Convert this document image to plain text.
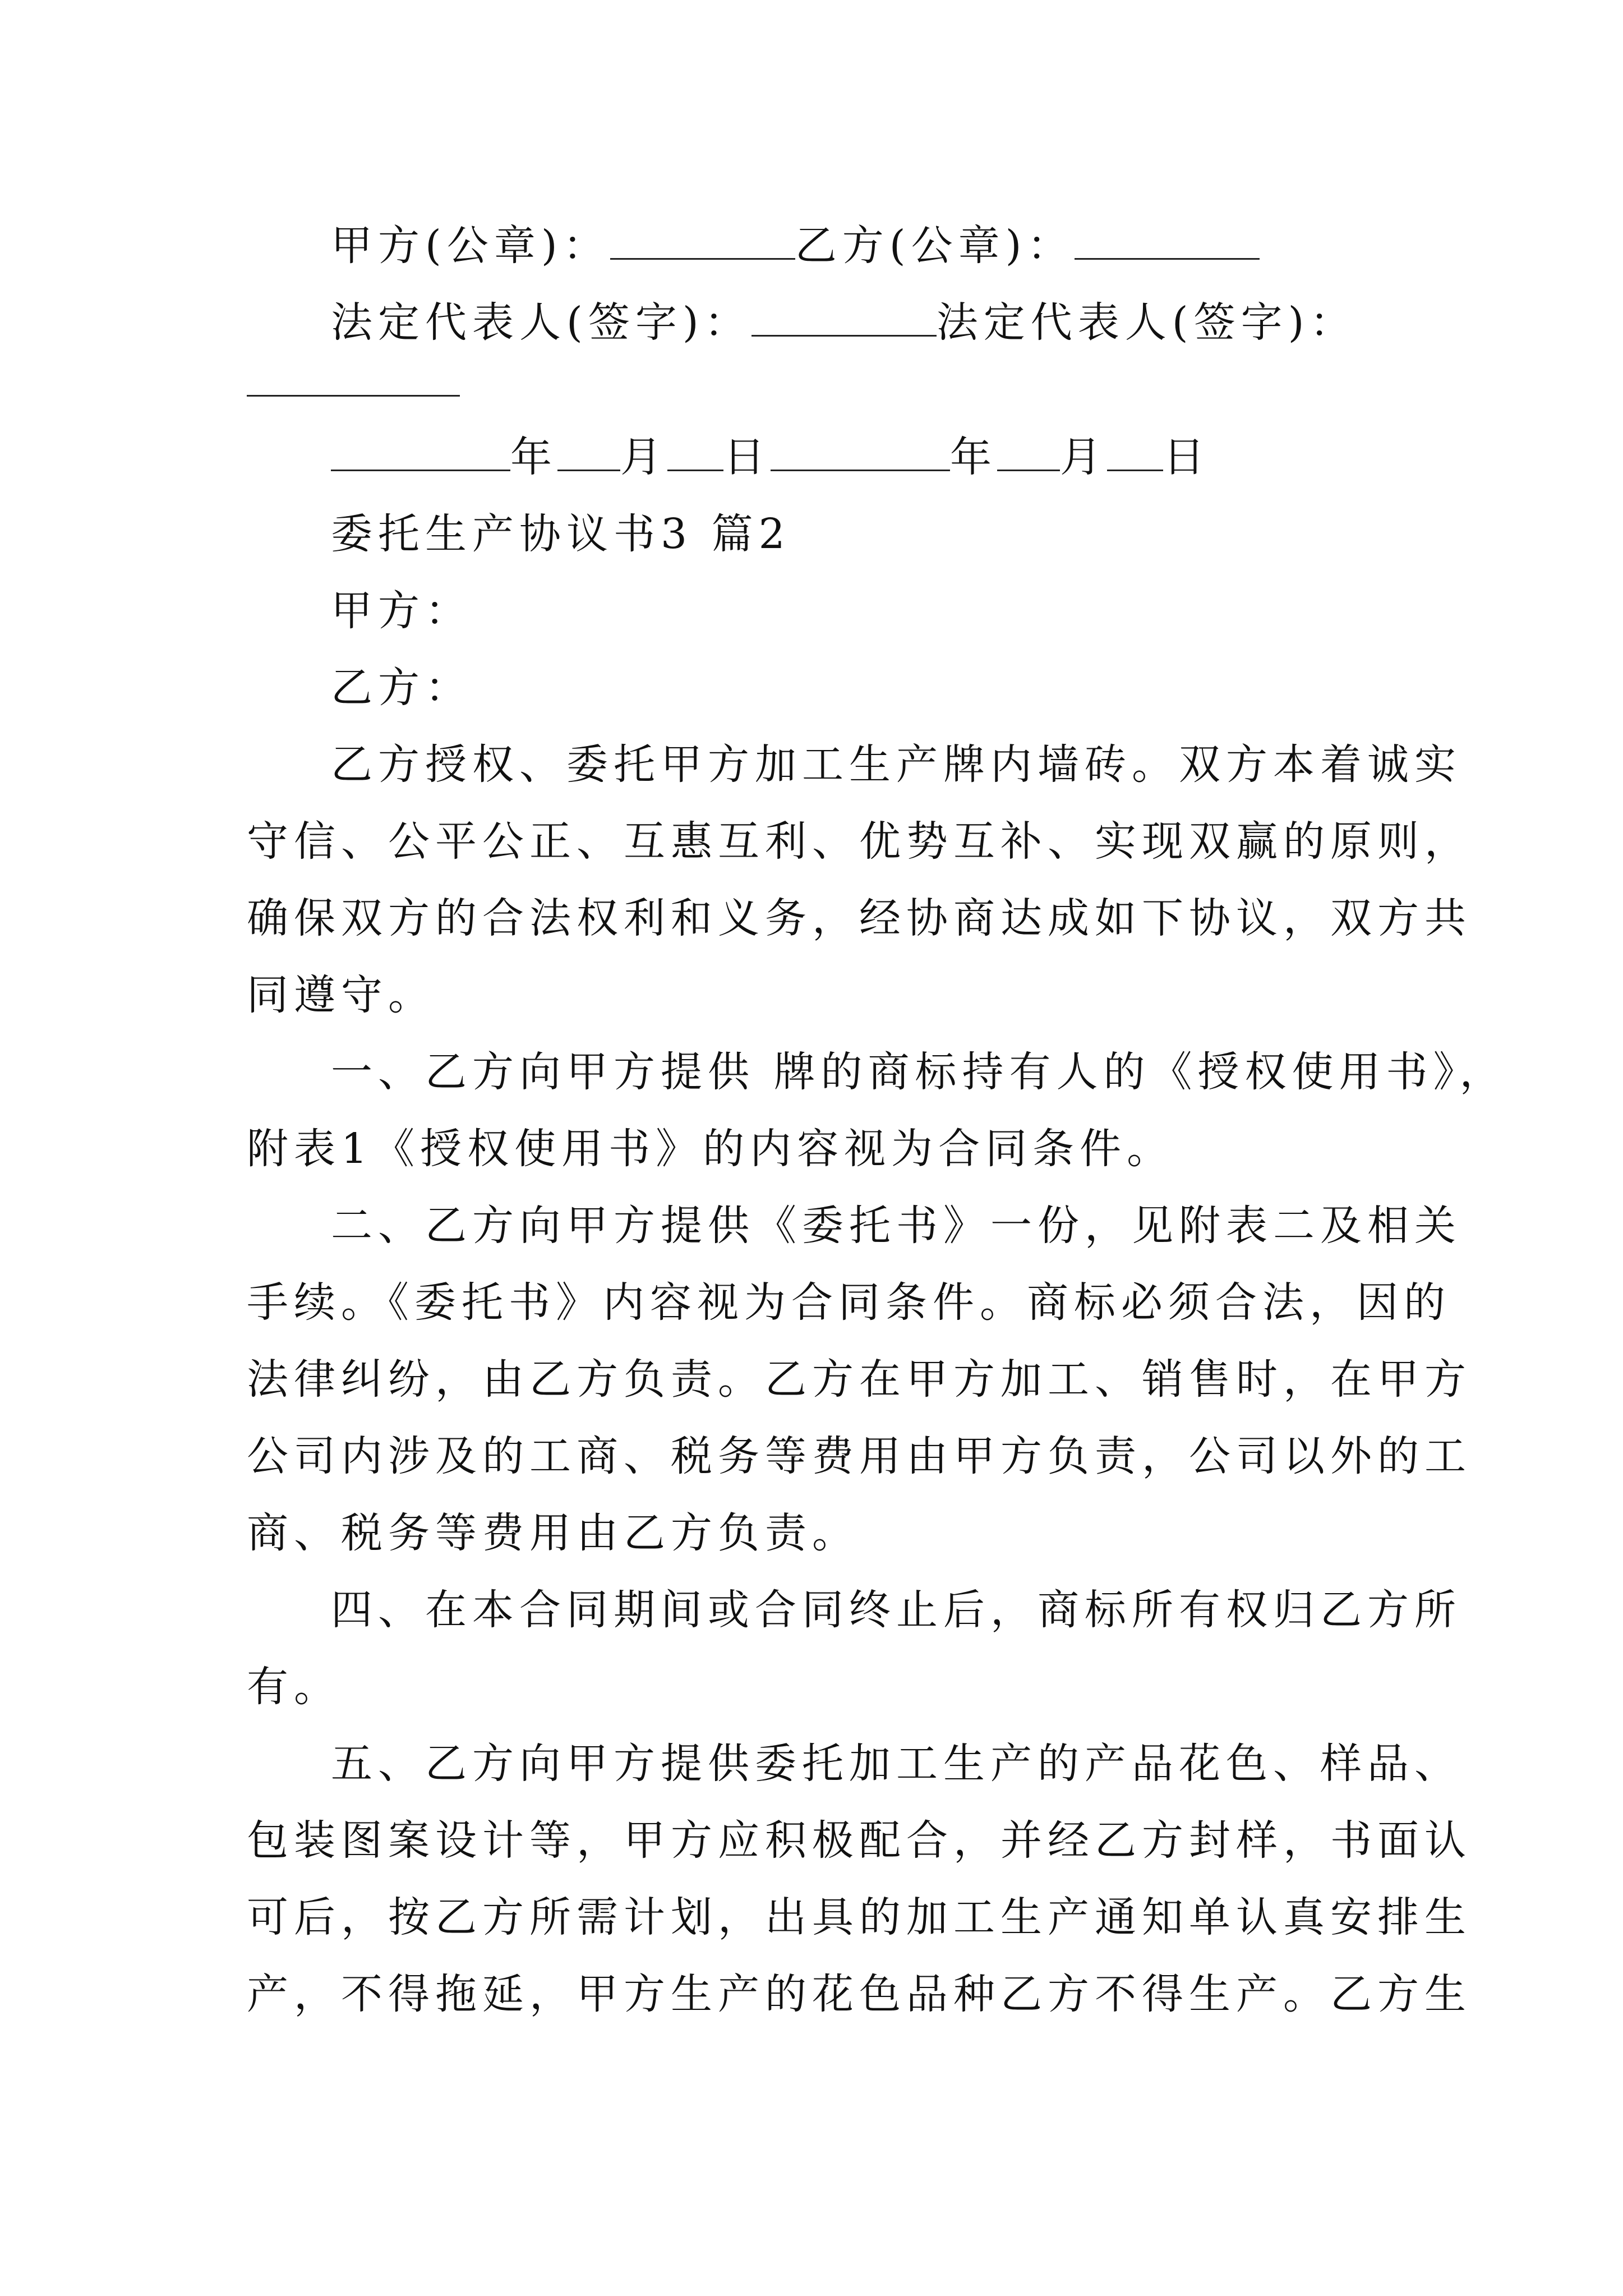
甲方(公章)：	乙方(公章)：
法定代表人(签字)：	法定代表人(签字)：
年 月 日	年 月 日
委托生产协议书3 篇2
甲方：
乙方：
乙方授权、委托甲方加工生产牌内墙砖。双方本着诚实
守信、公平公正、互惠互利、优势互补、实现双赢的原则，
确保双方的合法权利和义务，经协商达成如下协议，双方共
同遵守。
一、乙方向甲方提供 牌的商标持有人的《授权使用书》，
附表1《授权使用书》的内容视为合同条件。
二、乙方向甲方提供《委托书》一份，见附表二及相关
手续。《委托书》内容视为合同条件。商标必须合法，因的
法律纠纷，由乙方负责。乙方在甲方加工、销售时，在甲方
公司内涉及的工商、税务等费用由甲方负责，公司以外的工
商、税务等费用由乙方负责。
四、在本合同期间或合同终止后，商标所有权归乙方所
有。
五、乙方向甲方提供委托加工生产的产品花色、样品、
包装图案设计等，甲方应积极配合，并经乙方封样，书面认
可后，按乙方所需计划，出具的加工生产通知单认真安排生
产，不得拖延，甲方生产的花色品种乙方不得生产。乙方生
